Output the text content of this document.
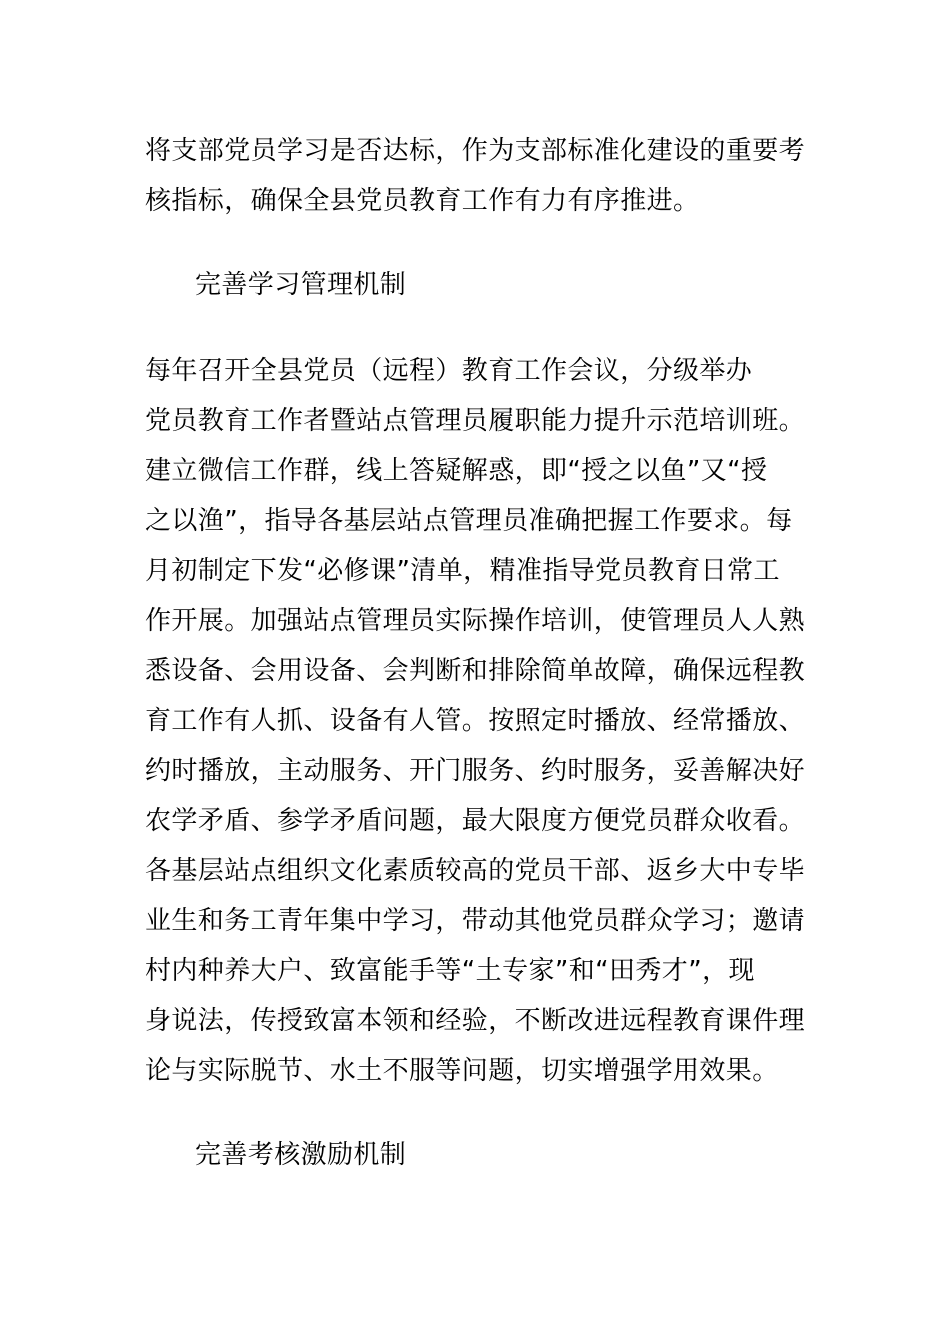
将支部党员学习是否达标，作为支部标准化建设的重要考
核指标，确保全县党员教育工作有力有序推进。
完善学习管理机制
每年召开全县党员（远程）教育工作会议，分级举办
党员教育工作者暨站点管理员履职能力提升示范培训班。
建立微信工作群，线上答疑解惑，即“授之以鱼”又“授
之以渔”，指导各基层站点管理员准确把握工作要求。每
月初制定下发“必修课”清单，精准指导党员教育日常工
作开展。加强站点管理员实际操作培训，使管理员人人熟
悉设备、会用设备、会判断和排除简单故障，确保远程教
育工作有人抓、设备有人管。按照定时播放、经常播放、
约时播放，主动服务、开门服务、约时服务，妥善解决好
农学矛盾、参学矛盾问题，最大限度方便党员群众收看。
各基层站点组织文化素质较高的党员干部、返乡大中专毕
业生和务工青年集中学习，带动其他党员群众学习；邀请
村内种养大户、致富能手等“土专家”和“田秀才”，现
身说法，传授致富本领和经验，不断改进远程教育课件理
论与实际脱节、水土不服等问题，切实增强学用效果。
完善考核激励机制
